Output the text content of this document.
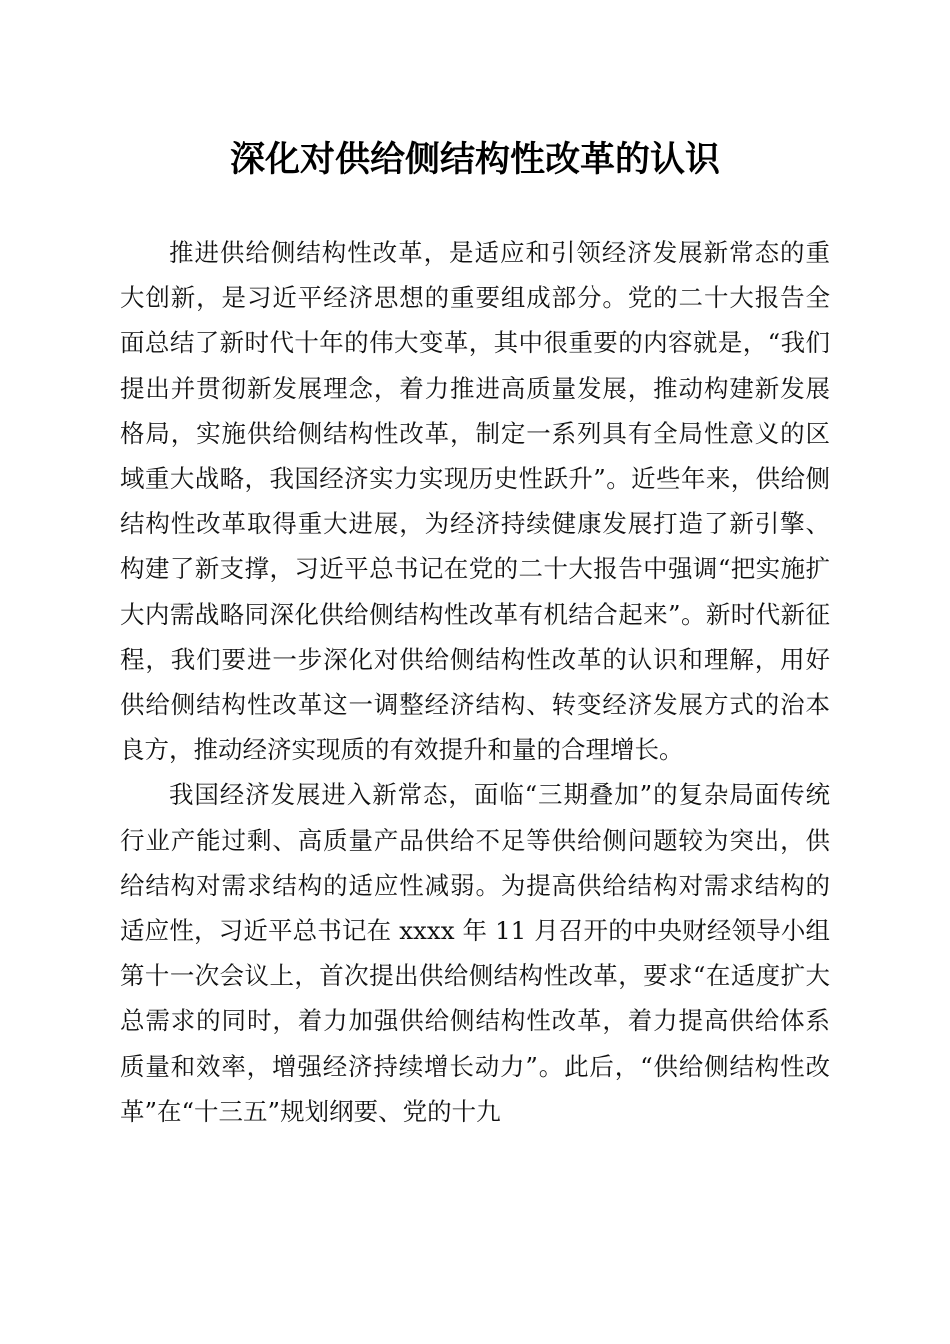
深化对供给侧结构性改革的认识

推进供给侧结构性改革，是适应和引领经济发展新常态的重大创新，是习近平经济思想的重要组成部分。党的二十大报告全面总结了新时代十年的伟大变革，其中很重要的内容就是，“我们提出并贯彻新发展理念，着力推进高质量发展，推动构建新发展格局，实施供给侧结构性改革，制定一系列具有全局性意义的区域重大战略，我国经济实力实现历史性跃升”。近些年来，供给侧结构性改革取得重大进展，为经济持续健康发展打造了新引擎、构建了新支撑，习近平总书记在党的二十大报告中强调“把实施扩大内需战略同深化供给侧结构性改革有机结合起来”。新时代新征程，我们要进一步深化对供给侧结构性改革的认识和理解，用好供给侧结构性改革这一调整经济结构、转变经济发展方式的治本良方，推动经济实现质的有效提升和量的合理增长。

我国经济发展进入新常态，面临“三期叠加”的复杂局面传统行业产能过剩、高质量产品供给不足等供给侧问题较为突出，供给结构对需求结构的适应性减弱。为提高供给结构对需求结构的适应性，习近平总书记在 xxxx 年 11 月召开的中央财经领导小组第十一次会议上，首次提出供给侧结构性改革，要求“在适度扩大总需求的同时，着力加强供给侧结构性改革，着力提高供给体系质量和效率，增强经济持续增长动力”。此后，“供给侧结构性改革”在“十三五”规划纲要、党的十九
